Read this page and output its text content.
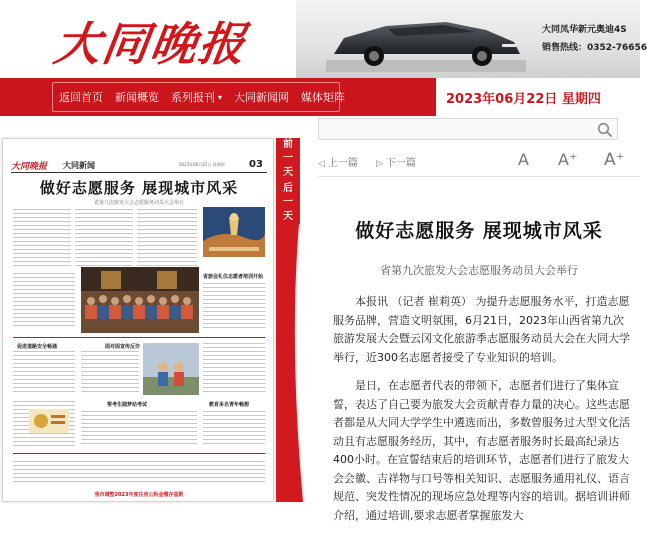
大同晚报	大同凤华新元奥迪4S
销售热线：0352-76656
返回首页 新闻概览 系列报刊 ▾ 大同新闻网 媒体矩阵	2023年06月22日 星期四
大同晚报 大同新闻	2023年06月22日 星期四	03
做好志愿服务 展现城市风采
省第九次旅发大会志愿服务动员大会举行
省旅会礼仪志愿者培训开始
促进道路安全畅通	面对面宣传反诈
帮考生圆梦站考试	教育多名青年畅想
我市调整2023年度住房公积金缴存基数
前
一
天
后
一
天
◁ 上一篇 ▷ 下一篇	A A⁺ A⁺
做好志愿服务 展现城市风采
省第九次旅发大会志愿服务动员大会举行

本报讯 （记者 崔莉英） 为提升志愿服务水平，打造志愿服务品牌，营造文明氛围，6月21日，2023年山西省第九次旅游发展大会暨云冈文化旅游季志愿服务动员大会在大同大学举行，近300名志愿者接受了专业知识的培训。

是日，在志愿者代表的带领下，志愿者们进行了集体宣誓，表达了自己要为旅发大会贡献青春力量的决心。这些志愿者都是从大同大学学生中遴选而出，多数曾服务过大型文化活动且有志愿服务经历，其中，有志愿者服务时长最高纪录达400小时。在宣誓结束后的培训环节，志愿者们进行了旅发大会会徽、吉祥物与口号等相关知识、志愿服务通用礼仪、语言规范、突发性情况的现场应急处理等内容的培训。据培训讲师介绍，通过培训,要求志愿者掌握旅发大
